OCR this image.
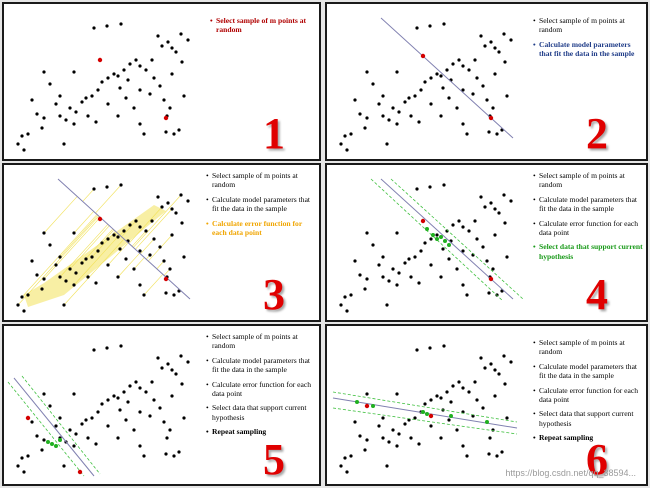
• Select sample of m points at random
1
• Select sample of m points at random
• Calculate model parameters that fit the data in the sample
2
• Select sample of m points at random
• Calculate model parameters that fit the data in the sample
• Calculate error function for each data point
3
• Select sample of m points at random
• Calculate model parameters that fit the data in the sample
• Calculate error function for each data point
• Select data that support current hypothesis
4
• Select sample of m points at random
• Calculate model parameters that fit the data in the sample
• Calculate error function for each data point
• Select data that support current hypothesis
• Repeat sampling
5
• Select sample of m points at random
• Calculate model parameters that fit the data in the sample
• Calculate error function for each data point
• Select data that support current hypothesis
• Repeat sampling
6
https://blog.csdn.net/qq_38594...
